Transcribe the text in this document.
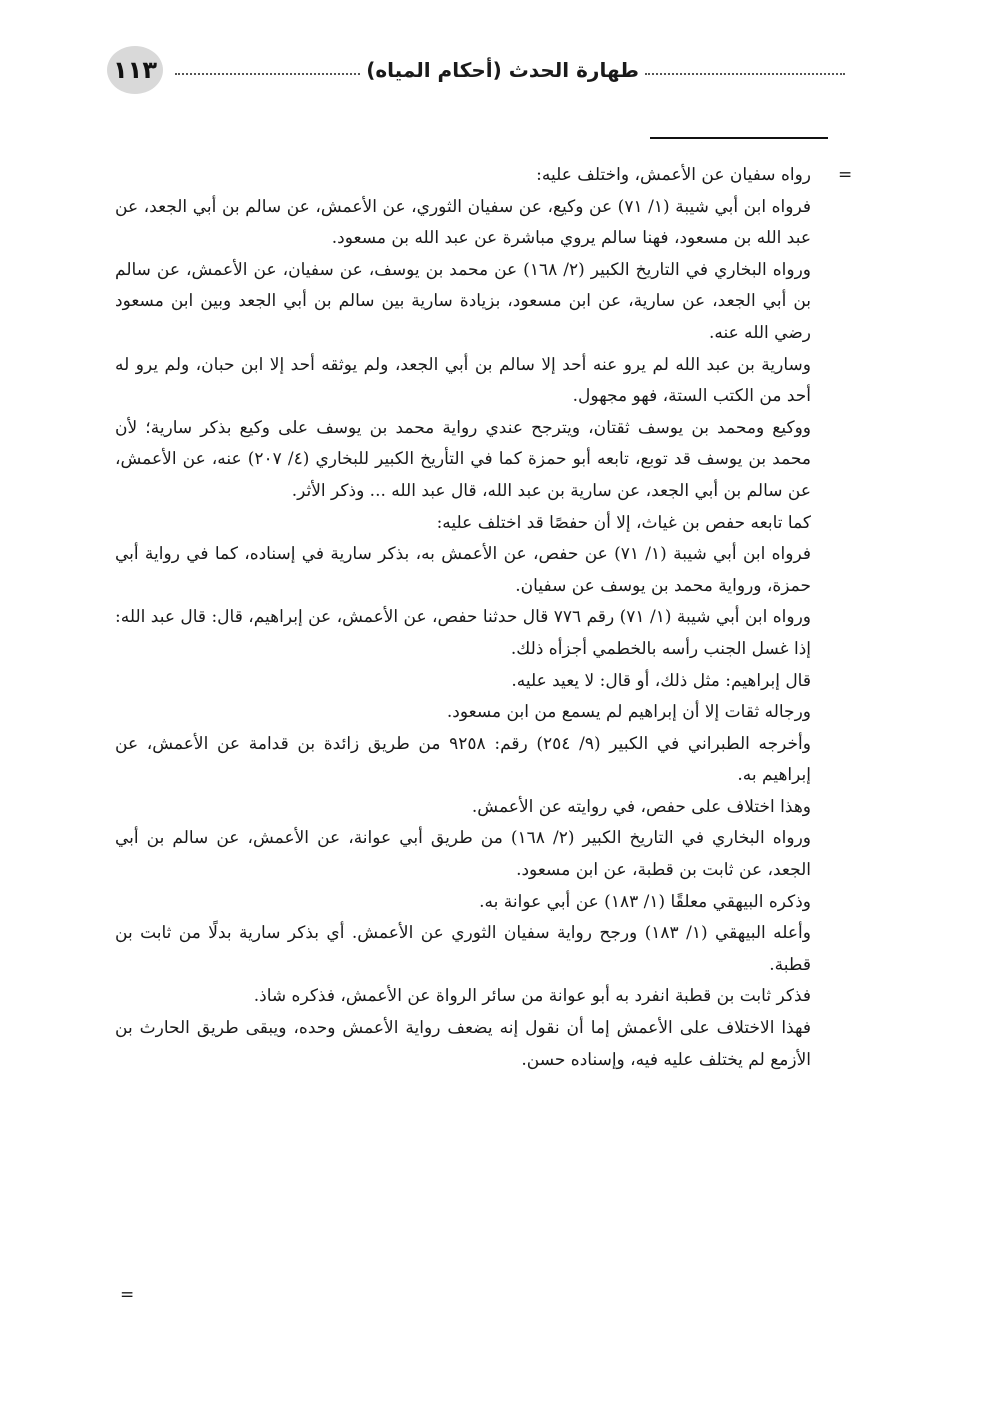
١١٣	طهارة الحدث (أحكام المياه)
=

رواه سفيان عن الأعمش، واختلف عليه:

فرواه ابن أبي شيبة (١/ ٧١) عن وكيع، عن سفيان الثوري، عن الأعمش، عن سالم بن أبي الجعد، عن عبد الله بن مسعود، فهنا سالم يروي مباشرة عن عبد الله بن مسعود.

ورواه البخاري في التاريخ الكبير (٢/ ١٦٨) عن محمد بن يوسف، عن سفيان، عن الأعمش، عن سالم بن أبي الجعد، عن سارية، عن ابن مسعود، بزيادة سارية بين سالم بن أبي الجعد وبين ابن مسعود رضي الله عنه.

وسارية بن عبد الله لم يرو عنه أحد إلا سالم بن أبي الجعد، ولم يوثقه أحد إلا ابن حبان، ولم يرو له أحد من الكتب الستة، فهو مجهول.

ووكيع ومحمد بن يوسف ثقتان، ويترجح عندي رواية محمد بن يوسف على وكيع بذكر سارية؛ لأن محمد بن يوسف قد توبع، تابعه أبو حمزة كما في التأريخ الكبير للبخاري (٤/ ٢٠٧) عنه، عن الأعمش، عن سالم بن أبي الجعد، عن سارية بن عبد الله، قال عبد الله ... وذكر الأثر.

كما تابعه حفص بن غياث، إلا أن حفصًا قد اختلف عليه:

فرواه ابن أبي شيبة (١/ ٧١) عن حفص، عن الأعمش به، بذكر سارية في إسناده، كما في رواية أبي حمزة، ورواية محمد بن يوسف عن سفيان.

ورواه ابن أبي شيبة (١/ ٧١) رقم ٧٧٦ قال حدثنا حفص، عن الأعمش، عن إبراهيم، قال: قال عبد الله: إذا غسل الجنب رأسه بالخطمي أجزأه ذلك.

قال إبراهيم: مثل ذلك، أو قال: لا يعيد عليه.

ورجاله ثقات إلا أن إبراهيم لم يسمع من ابن مسعود.

وأخرجه الطبراني في الكبير (٩/ ٢٥٤) رقم: ٩٢٥٨ من طريق زائدة بن قدامة عن الأعمش، عن إبراهيم به.

وهذا اختلاف على حفص، في روايته عن الأعمش.

ورواه البخاري في التاريخ الكبير (٢/ ١٦٨) من طريق أبي عوانة، عن الأعمش، عن سالم بن أبي الجعد، عن ثابت بن قطبة، عن ابن مسعود.

وذكره البيهقي معلقًا (١/ ١٨٣) عن أبي عوانة به.

وأعله البيهقي (١/ ١٨٣) ورجح رواية سفيان الثوري عن الأعمش. أي بذكر سارية بدلًا من ثابت بن قطبة.

فذكر ثابت بن قطبة انفرد به أبو عوانة من سائر الرواة عن الأعمش، فذكره شاذ.

فهذا الاختلاف على الأعمش إما أن نقول إنه يضعف رواية الأعمش وحده، ويبقى طريق الحارث بن الأزمع لم يختلف عليه فيه، وإسناده حسن.

=
